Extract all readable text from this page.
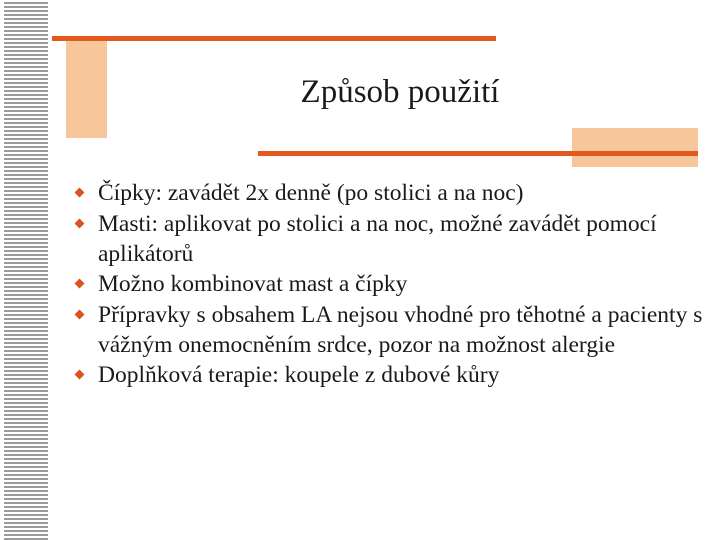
Způsob použití
Čípky: zavádět 2x denně (po stolici a na noc)
Masti: aplikovat po stolici a na noc, možné zavádět pomocí aplikátorů
Možno kombinovat mast a čípky
Přípravky s obsahem LA nejsou vhodné pro těhotné a pacienty s vážným onemocněním srdce, pozor na možnost alergie
Doplňková terapie: koupele z dubové kůry
